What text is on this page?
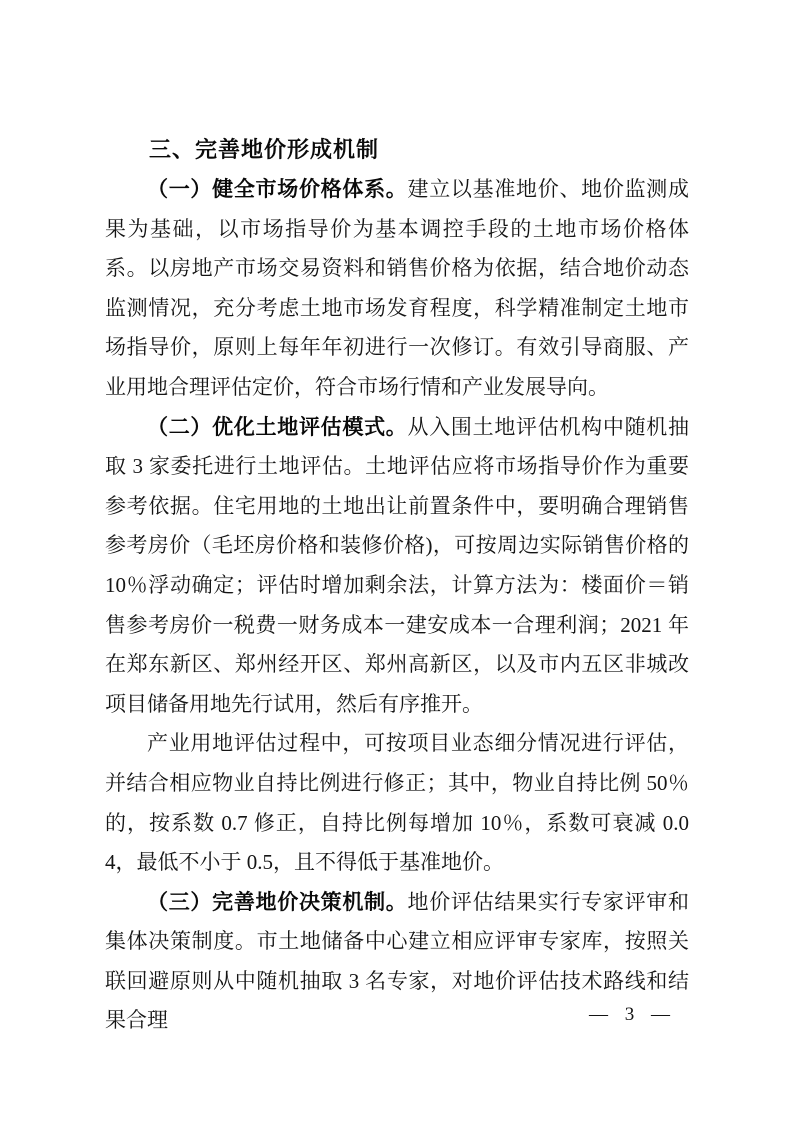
三、完善地价形成机制

（一）健全市场价格体系。建立以基准地价、地价监测成果为基础，以市场指导价为基本调控手段的土地市场价格体系。以房地产市场交易资料和销售价格为依据，结合地价动态监测情况，充分考虑土地市场发育程度，科学精准制定土地市场指导价，原则上每年年初进行一次修订。有效引导商服、产业用地合理评估定价，符合市场行情和产业发展导向。

（二）优化土地评估模式。从入围土地评估机构中随机抽取 3 家委托进行土地评估。土地评估应将市场指导价作为重要参考依据。住宅用地的土地出让前置条件中，要明确合理销售参考房价（毛坯房价格和装修价格)，可按周边实际销售价格的 10％浮动确定；评估时增加剩余法，计算方法为：楼面价＝销售参考房价一税费一财务成本一建安成本一合理利润；2021 年在郑东新区、郑州经开区、郑州高新区，以及市内五区非城改项目储备用地先行试用，然后有序推开。

产业用地评估过程中，可按项目业态细分情况进行评估，并结合相应物业自持比例进行修正；其中，物业自持比例 50％的，按系数 0.7 修正，自持比例每增加 10％，系数可衰减 0.04，最低不小于 0.5，且不得低于基准地价。

（三）完善地价决策机制。地价评估结果实行专家评审和集体决策制度。市土地储备中心建立相应评审专家库，按照关联回避原则从中随机抽取 3 名专家，对地价评估技术路线和结果合理	— 3 —
